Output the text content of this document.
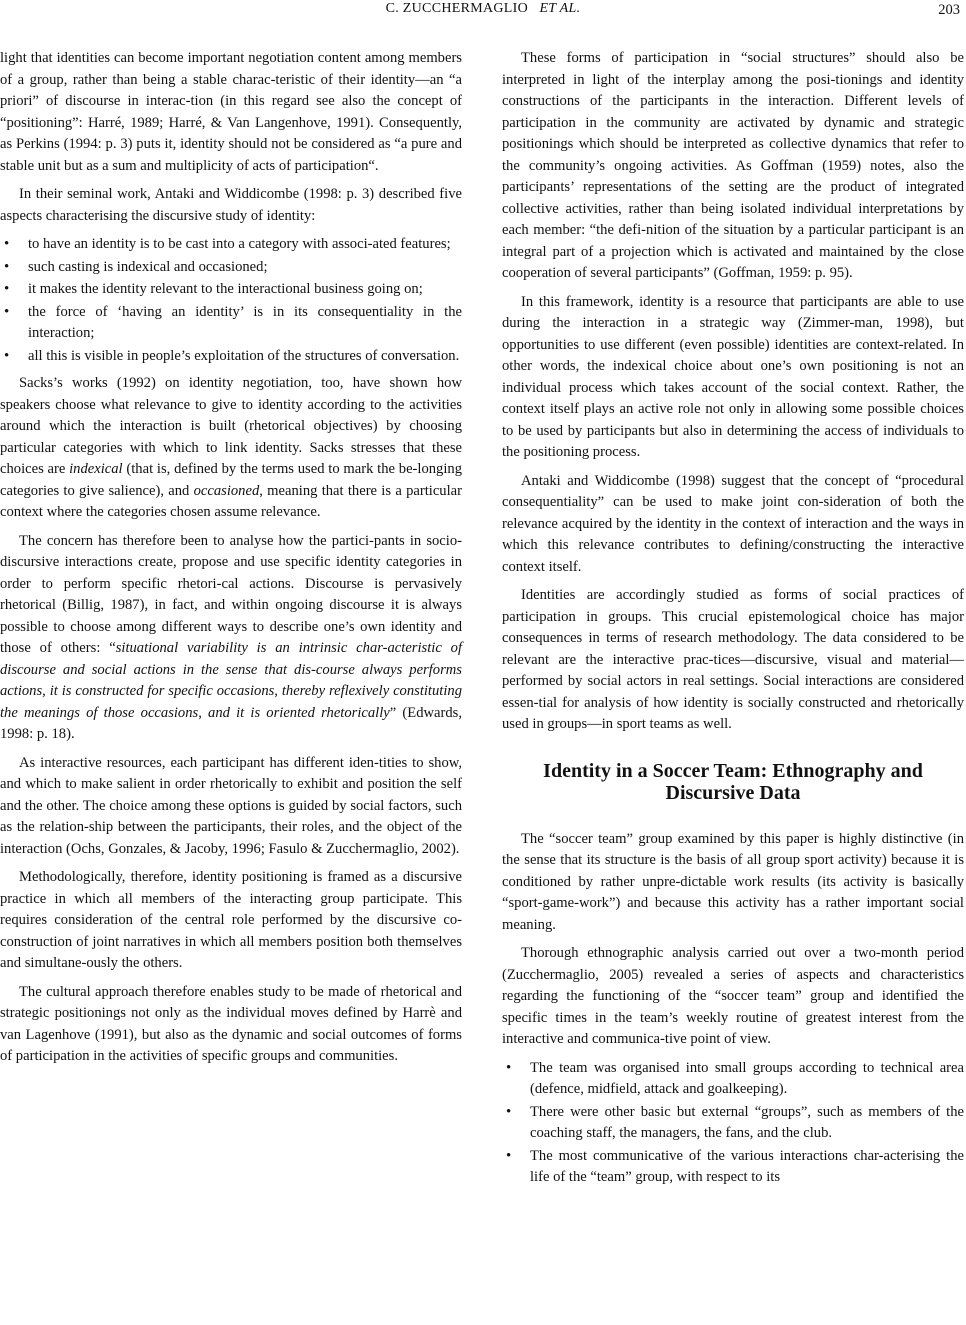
C. ZUCCHERMAGLIO ET AL.	203

light that identities can become important negotiation content among members of a group, rather than being a stable charac-teristic of their identity—an “a priori” of discourse in interac-tion (in this regard see also the concept of “positioning”: Harré, 1989; Harré, & Van Langenhove, 1991). Consequently, as Perkins (1994: p. 3) puts it, identity should not be considered as “a pure and stable unit but as a sum and multiplicity of acts of participation“.

In their seminal work, Antaki and Widdicombe (1998: p. 3) described five aspects characterising the discursive study of identity:

• to have an identity is to be cast into a category with associ-ated features;
• such casting is indexical and occasioned;
• it makes the identity relevant to the interactional business going on;
• the force of ‘having an identity’ is in its consequentiality in the interaction;
• all this is visible in people’s exploitation of the structures of conversation.

Sacks’s works (1992) on identity negotiation, too, have shown how speakers choose what relevance to give to identity according to the activities around which the interaction is built (rhetorical objectives) by choosing particular categories with which to link identity. Sacks stresses that these choices are indexical (that is, defined by the terms used to mark the be-longing categories to give salience), and occasioned, meaning that there is a particular context where the categories chosen assume relevance.

The concern has therefore been to analyse how the partici-pants in socio-discursive interactions create, propose and use specific identity categories in order to perform specific rhetori-cal actions. Discourse is pervasively rhetorical (Billig, 1987), in fact, and within ongoing discourse it is always possible to choose among different ways to describe one’s own identity and those of others: “situational variability is an intrinsic char-acteristic of discourse and social actions in the sense that dis-course always performs actions, it is constructed for specific occasions, thereby reflexively constituting the meanings of those occasions, and it is oriented rhetorically” (Edwards, 1998: p. 18).

As interactive resources, each participant has different iden-tities to show, and which to make salient in order rhetorically to exhibit and position the self and the other. The choice among these options is guided by social factors, such as the relation-ship between the participants, their roles, and the object of the interaction (Ochs, Gonzales, & Jacoby, 1996; Fasulo & Zucchermaglio, 2002).

Methodologically, therefore, identity positioning is framed as a discursive practice in which all members of the interacting group participate. This requires consideration of the central role performed by the discursive co-construction of joint narratives in which all members position both themselves and simultane-ously the others.

The cultural approach therefore enables study to be made of rhetorical and strategic positionings not only as the individual moves defined by Harrè and van Lagenhove (1991), but also as the dynamic and social outcomes of forms of participation in the activities of specific groups and communities.

These forms of participation in “social structures” should also be interpreted in light of the interplay among the posi-tionings and identity constructions of the participants in the interaction. Different levels of participation in the community are activated by dynamic and strategic positionings which should be interpreted as collective dynamics that refer to the community’s ongoing activities. As Goffman (1959) notes, also the participants’ representations of the setting are the product of integrated collective activities, rather than being isolated individual interpretations by each member: “the defi-nition of the situation by a particular participant is an integral part of a projection which is activated and maintained by the close cooperation of several participants” (Goffman, 1959: p. 95).

In this framework, identity is a resource that participants are able to use during the interaction in a strategic way (Zimmer-man, 1998), but opportunities to use different (even possible) identities are context-related. In other words, the indexical choice about one’s own positioning is not an individual process which takes account of the social context. Rather, the context itself plays an active role not only in allowing some possible choices to be used by participants but also in determining the access of individuals to the positioning process.

Antaki and Widdicombe (1998) suggest that the concept of “procedural consequentiality” can be used to make joint con-sideration of both the relevance acquired by the identity in the context of interaction and the ways in which this relevance contributes to defining/constructing the interactive context itself.

Identities are accordingly studied as forms of social practices of participation in groups. This crucial epistemological choice has major consequences in terms of research methodology. The data considered to be relevant are the interactive prac-tices—discursive, visual and material—performed by social actors in real settings. Social interactions are considered essen-tial for analysis of how identity is socially constructed and rhetorically used in groups—in sport teams as well.

Identity in a Soccer Team: Ethnography and
Discursive Data

The “soccer team” group examined by this paper is highly distinctive (in the sense that its structure is the basis of all group sport activity) because it is conditioned by rather unpre-dictable work results (its activity is basically “sport-game-work”) and because this activity has a rather important social meaning.

Thorough ethnographic analysis carried out over a two-month period (Zucchermaglio, 2005) revealed a series of aspects and characteristics regarding the functioning of the “soccer team” group and identified the specific times in the team’s weekly routine of greatest interest from the interactive and communica-tive point of view.

• The team was organised into small groups according to technical area (defence, midfield, attack and goalkeeping).
• There were other basic but external “groups”, such as members of the coaching staff, the managers, the fans, and the club.
• The most communicative of the various interactions char-acterising the life of the “team” group, with respect to its
